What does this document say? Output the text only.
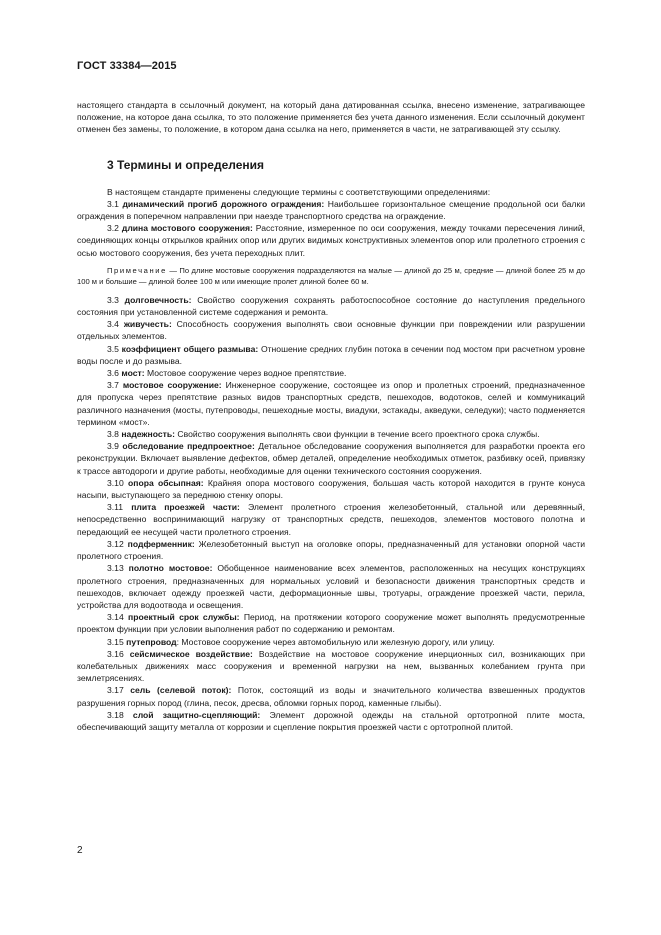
ГОСТ 33384—2015

настоящего стандарта в ссылочный документ, на который дана датированная ссылка, внесено изменение, затрагивающее положение, на которое дана ссылка, то это положение применяется без учета данного изменения. Если ссылочный документ отменен без замены, то положение, в котором дана ссылка на него, применяется в части, не затрагивающей эту ссылку.

3 Термины и определения

В настоящем стандарте применены следующие термины с соответствующими определениями:

3.1 динамический прогиб дорожного ограждения: Наибольшее горизонтальное смещение продольной оси балки ограждения в поперечном направлении при наезде транспортного средства на ограждение.

3.2 длина мостового сооружения: Расстояние, измеренное по оси сооружения, между точками пересечения линий, соединяющих концы открылков крайних опор или других видимых конструктивных элементов опор или пролетного строения с осью мостового сооружения, без учета переходных плит.

Примечание — По длине мостовые сооружения подразделяются на малые — длиной до 25 м, средние — длиной более 25 м до 100 м и большие — длиной более 100 м или имеющие пролет длиной более 60 м.

3.3 долговечность: Свойство сооружения сохранять работоспособное состояние до наступления предельного состояния при установленной системе содержания и ремонта.

3.4 живучесть: Способность сооружения выполнять свои основные функции при повреждении или разрушении отдельных элементов.

3.5 коэффициент общего размыва: Отношение средних глубин потока в сечении под мостом при расчетном уровне воды после и до размыва.

3.6 мост: Мостовое сооружение через водное препятствие.

3.7 мостовое сооружение: Инженерное сооружение, состоящее из опор и пролетных строений, предназначенное для пропуска через препятствие разных видов транспортных средств, пешеходов, водотоков, селей и коммуникаций различного назначения (мосты, путепроводы, пешеходные мосты, виадуки, эстакады, акведуки, селедуки); часто подменяется термином «мост».

3.8 надежность: Свойство сооружения выполнять свои функции в течение всего проектного срока службы.

3.9 обследование предпроектное: Детальное обследование сооружения выполняется для разработки проекта его реконструкции. Включает выявление дефектов, обмер деталей, определение необходимых отметок, разбивку осей, привязку к трассе автодороги и другие работы, необходимые для оценки технического состояния сооружения.

3.10 опора обсыпная: Крайняя опора мостового сооружения, большая часть которой находится в грунте конуса насыпи, выступающего за переднюю стенку опоры.

3.11 плита проезжей части: Элемент пролетного строения железобетонный, стальной или деревянный, непосредственно воспринимающий нагрузку от транспортных средств, пешеходов, элементов мостового полотна и передающий ее несущей части пролетного строения.

3.12 подферменник: Железобетонный выступ на оголовке опоры, предназначенный для установки опорной части пролетного строения.

3.13 полотно мостовое: Обобщенное наименование всех элементов, расположенных на несущих конструкциях пролетного строения, предназначенных для нормальных условий и безопасности движения транспортных средств и пешеходов, включает одежду проезжей части, деформационные швы, тротуары, ограждение проезжей части, перила, устройства для водоотвода и освещения.

3.14 проектный срок службы: Период, на протяжении которого сооружение может выполнять предусмотренные проектом функции при условии выполнения работ по содержанию и ремонтам.

3.15 путепровод: Мостовое сооружение через автомобильную или железную дорогу, или улицу.

3.16 сейсмическое воздействие: Воздействие на мостовое сооружение инерционных сил, возникающих при колебательных движениях масс сооружения и временной нагрузки на нем, вызванных колебанием грунта при землетрясениях.

3.17 сель (селевой поток): Поток, состоящий из воды и значительного количества взвешенных продуктов разрушения горных пород (глина, песок, дресва, обломки горных пород, каменные глыбы).

3.18 слой защитно-сцепляющий: Элемент дорожной одежды на стальной ортотропной плите моста, обеспечивающий защиту металла от коррозии и сцепление покрытия проезжей части с ортотропной плитой.

2
